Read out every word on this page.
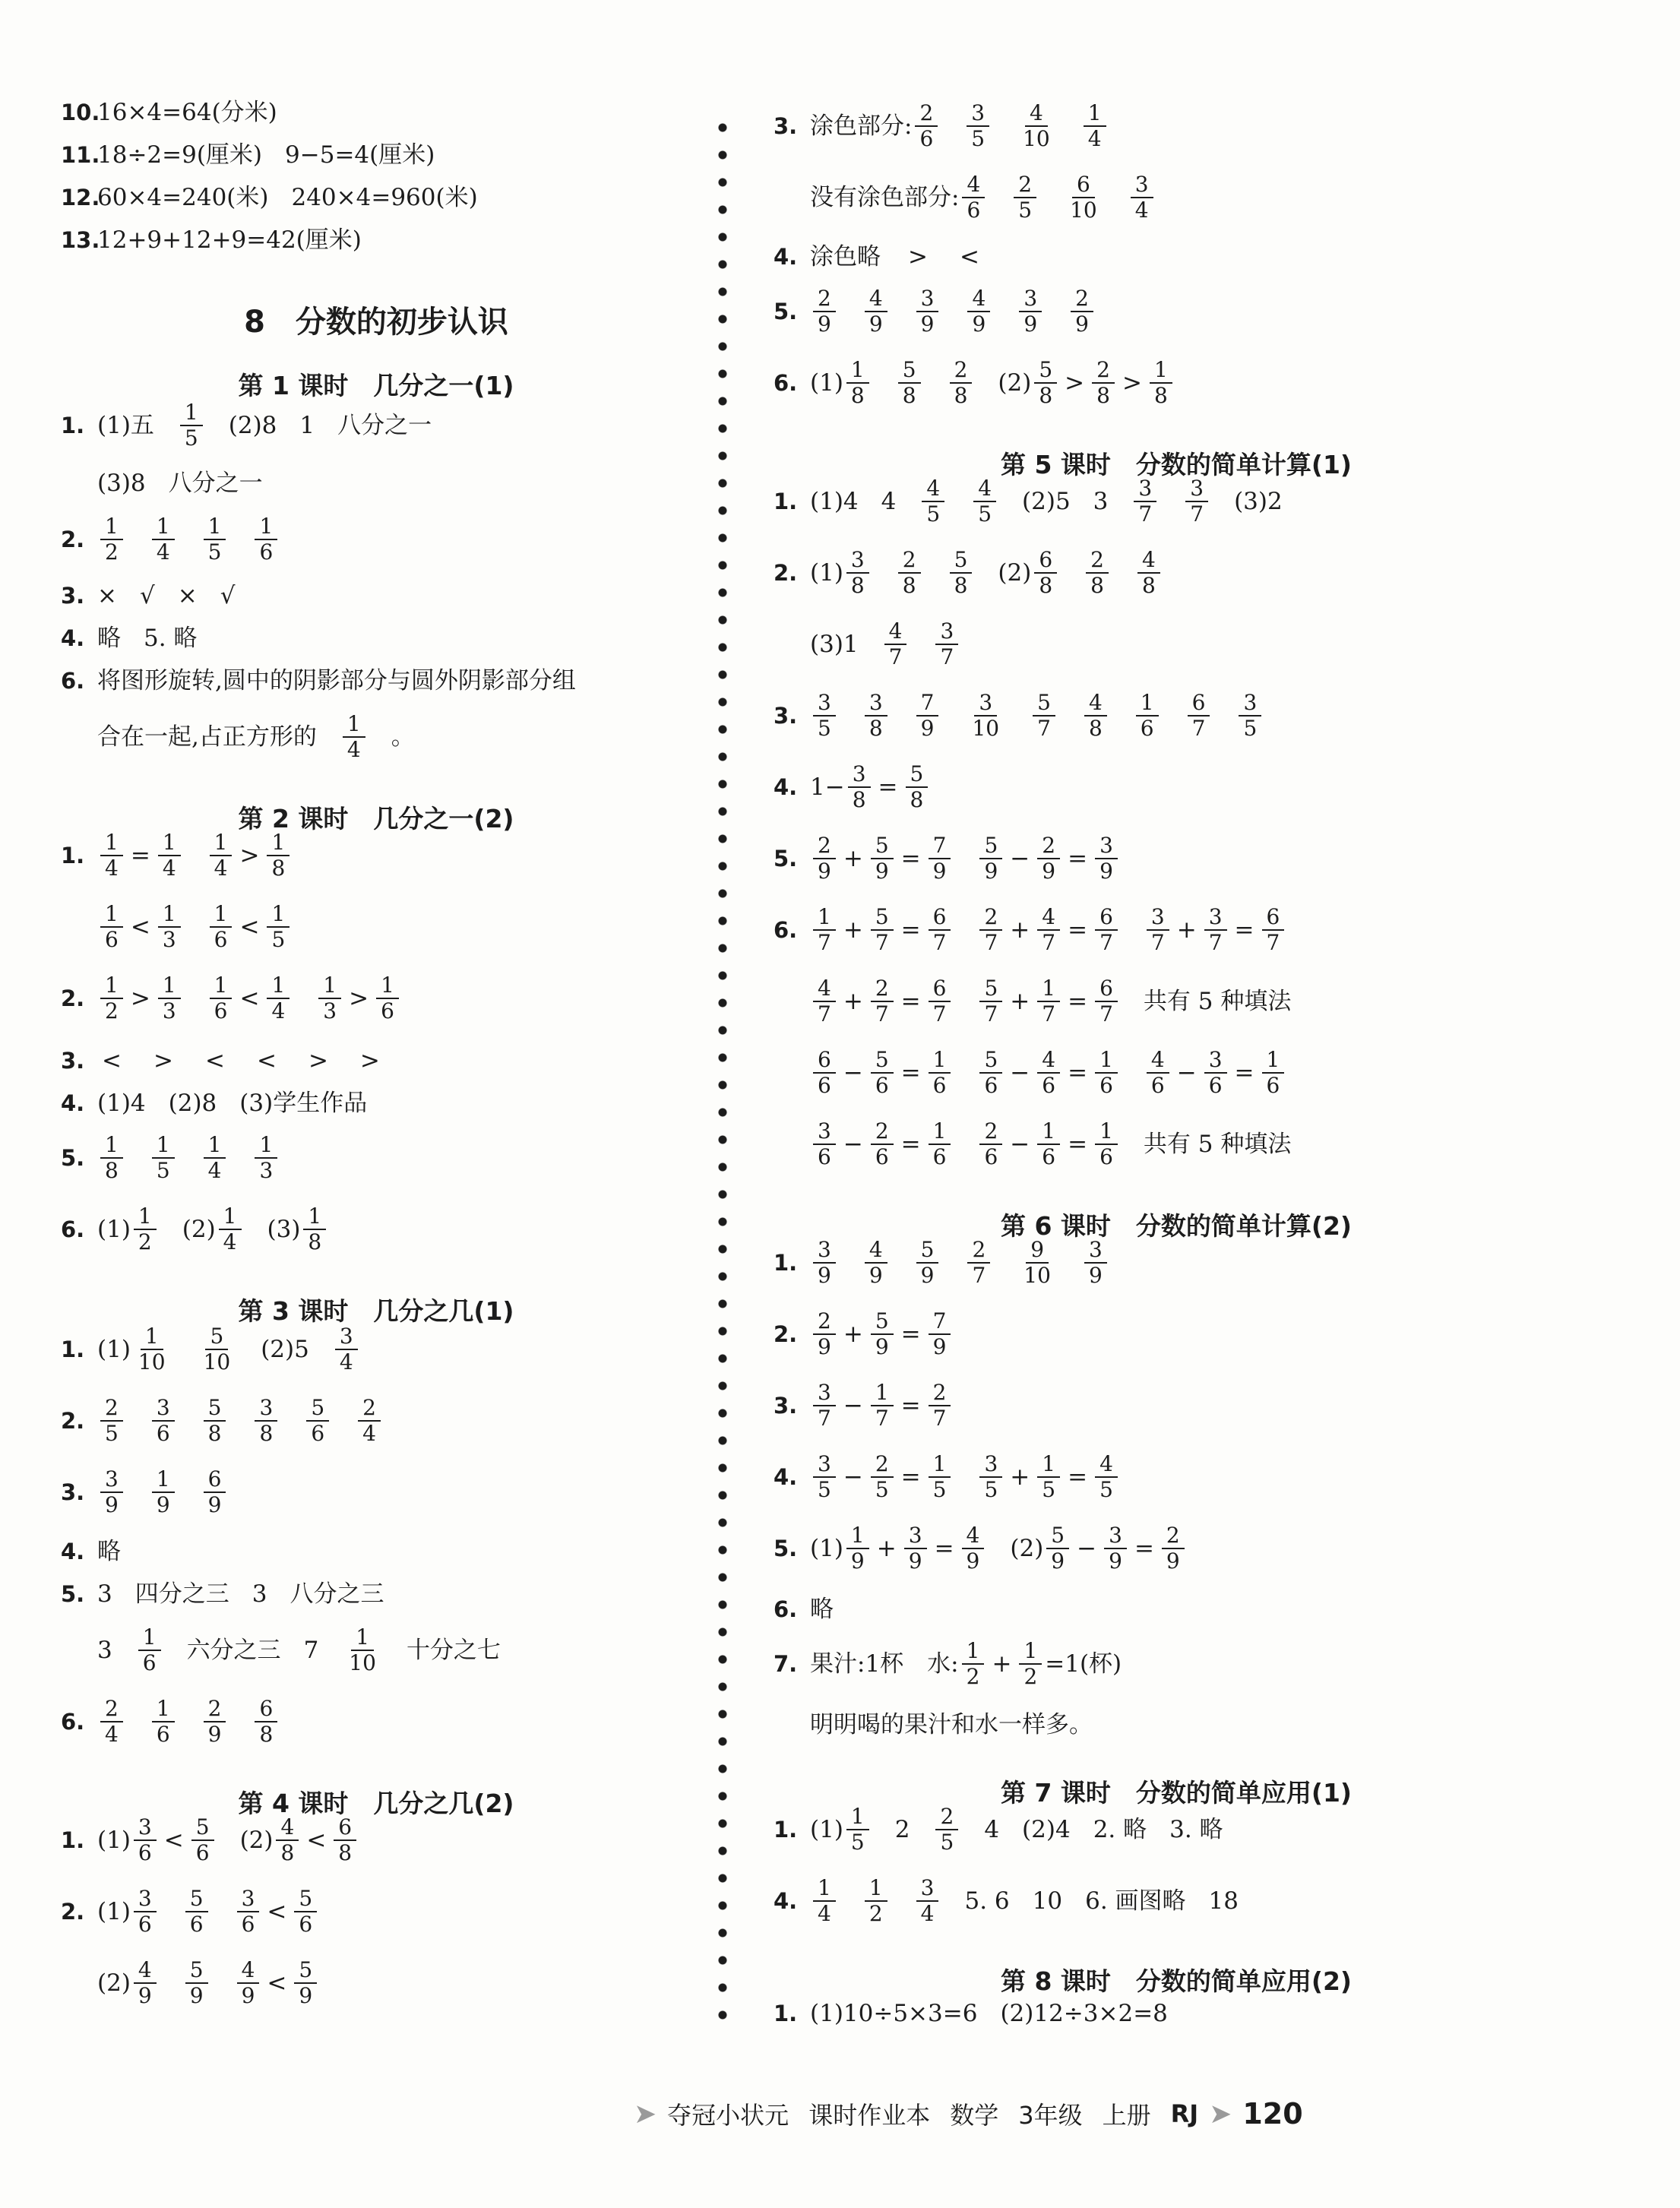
10.
16×4=64(分米)
11.
18÷2=9(厘米) 9−5=4(厘米)
12.
60×4=240(米) 240×4=960(米)
13.
12+9+12+9=42(厘米)
8　分数的初步认识
第 1 课时　几分之一(1)
1. (1)五 $\frac{1}{5} (2)8$ 1 八分之一
(3)8 八分之一
2. $\frac{1}{2} \frac{1}{4} \frac{1}{5} \frac{1}{6}$
3. × √ × √
4. 略 5. 略
6. 将图形旋转,圆中的阴影部分与圆外阴影部分组
合在一起,占正方形的 $\frac{1}{4}$ 。
第 2 课时　几分之一(2)
1. $\frac{1}{4} = \frac{1}{4} \frac{1}{4} > \frac{1}{8}$
$\frac{1}{6} < \frac{1}{3} \frac{1}{6} < \frac{1}{5}$
2. $\frac{1}{2} > \frac{1}{3} \frac{1}{6} < \frac{1}{4} \frac{1}{3} > \frac{1}{6}$
3. < > < < > >
4. (1)4 (2)8 (3)学生作品
5. $\frac{1}{8} \frac{1}{5} \frac{1}{4} \frac{1}{3}$
6. $(1) \frac{1}{2} (2) \frac{1}{4} (3) \frac{1}{8}$
第 3 课时　几分之几(1)
1. $(1) \frac{1}{10} \frac{5}{10} (2)5 \frac{3}{4}$
2. $\frac{2}{5} \frac{3}{6} \frac{5}{8} \frac{3}{8} \frac{5}{6} \frac{2}{4}$
3. $\frac{3}{9} \frac{1}{9} \frac{6}{9}$
4. 略
5. 3 四分之三 3 八分之三
$3 \frac{1}{6}$ 六分之三 $7 \frac{1}{10}$ 十分之七
6. $\frac{2}{4} \frac{1}{6} \frac{2}{9} \frac{6}{8}$
第 4 课时　几分之几(2)
1. $(1) \frac{3}{6} < \frac{5}{6} (2) \frac{4}{8} < \frac{6}{8}$
2. $(1) \frac{3}{6} \frac{5}{6} \frac{3}{6} < \frac{5}{6}$
$(2) \frac{4}{9} \frac{5}{9} \frac{4}{9} < \frac{5}{9}$
3. 涂色部分: $\frac{2}{6} \frac{3}{5} \frac{4}{10} \frac{1}{4}$
没有涂色部分: $\frac{4}{6} \frac{2}{5} \frac{6}{10} \frac{3}{4}$
4. 涂色略 > <
5. $\frac{2}{9} \frac{4}{9} \frac{3}{9} \frac{4}{9} \frac{3}{9} \frac{2}{9}$
6. $(1) \frac{1}{8} \frac{5}{8} \frac{2}{8} (2) \frac{5}{8} > \frac{2}{8} > \frac{1}{8}$
第 5 课时　分数的简单计算(1)
1. (1)4 $4 \frac{4}{5} \frac{4}{5} (2)5$ $3 \frac{3}{7} \frac{3}{7} (3)2$
2. $(1) \frac{3}{8} \frac{2}{8} \frac{5}{8} (2) \frac{6}{8} \frac{2}{8} \frac{4}{8}$
$(3)1 \frac{4}{7} \frac{3}{7}$
3. $\frac{3}{5} \frac{3}{8} \frac{7}{9} \frac{3}{10} \frac{5}{7} \frac{4}{8} \frac{1}{6} \frac{6}{7} \frac{3}{5}$
4. $1- \frac{3}{8} = \frac{5}{8}$
5. $\frac{2}{9} + \frac{5}{9} = \frac{7}{9} \frac{5}{9} - \frac{2}{9} = \frac{3}{9}$
6. $\frac{1}{7} + \frac{5}{7} = \frac{6}{7} \frac{2}{7} + \frac{4}{7} = \frac{6}{7} \frac{3}{7} + \frac{3}{7} = \frac{6}{7}$
$\frac{4}{7} + \frac{2}{7} = \frac{6}{7} \frac{5}{7} + \frac{1}{7} = \frac{6}{7}$ 共有 5 种填法
$\frac{6}{6} - \frac{5}{6} = \frac{1}{6} \frac{5}{6} - \frac{4}{6} = \frac{1}{6} \frac{4}{6} - \frac{3}{6} = \frac{1}{6}$
$\frac{3}{6} - \frac{2}{6} = \frac{1}{6} \frac{2}{6} - \frac{1}{6} = \frac{1}{6}$ 共有 5 种填法
第 6 课时　分数的简单计算(2)
1. $\frac{3}{9} \frac{4}{9} \frac{5}{9} \frac{2}{7} \frac{9}{10} \frac{3}{9}$
2. $\frac{2}{9} + \frac{5}{9} = \frac{7}{9}$
3. $\frac{3}{7} - \frac{1}{7} = \frac{2}{7}$
4. $\frac{3}{5} - \frac{2}{5} = \frac{1}{5} \frac{3}{5} + \frac{1}{5} = \frac{4}{5}$
5. $(1) \frac{1}{9} + \frac{3}{9} = \frac{4}{9} (2) \frac{5}{9} - \frac{3}{9} = \frac{2}{9}$
6. 略
7. 果汁:1杯　水: $\frac{1}{2} + \frac{1}{2} =1$(杯)
明明喝的果汁和水一样多。
第 7 课时　分数的简单应用(1)
1. $(1) \frac{1}{5} 2 \frac{2}{5} 4$ (2)4 2. 略 3. 略
4. $\frac{1}{4} \frac{1}{2} \frac{3}{4} 5$. 6 10 6. 画图略 18
第 8 课时　分数的简单应用(2)
1. (1)10÷5×3=6 (2)12÷3×2=8
➤ 夺冠小状元 课时作业本 数学 3年级 上册 RJ ➤ 120
